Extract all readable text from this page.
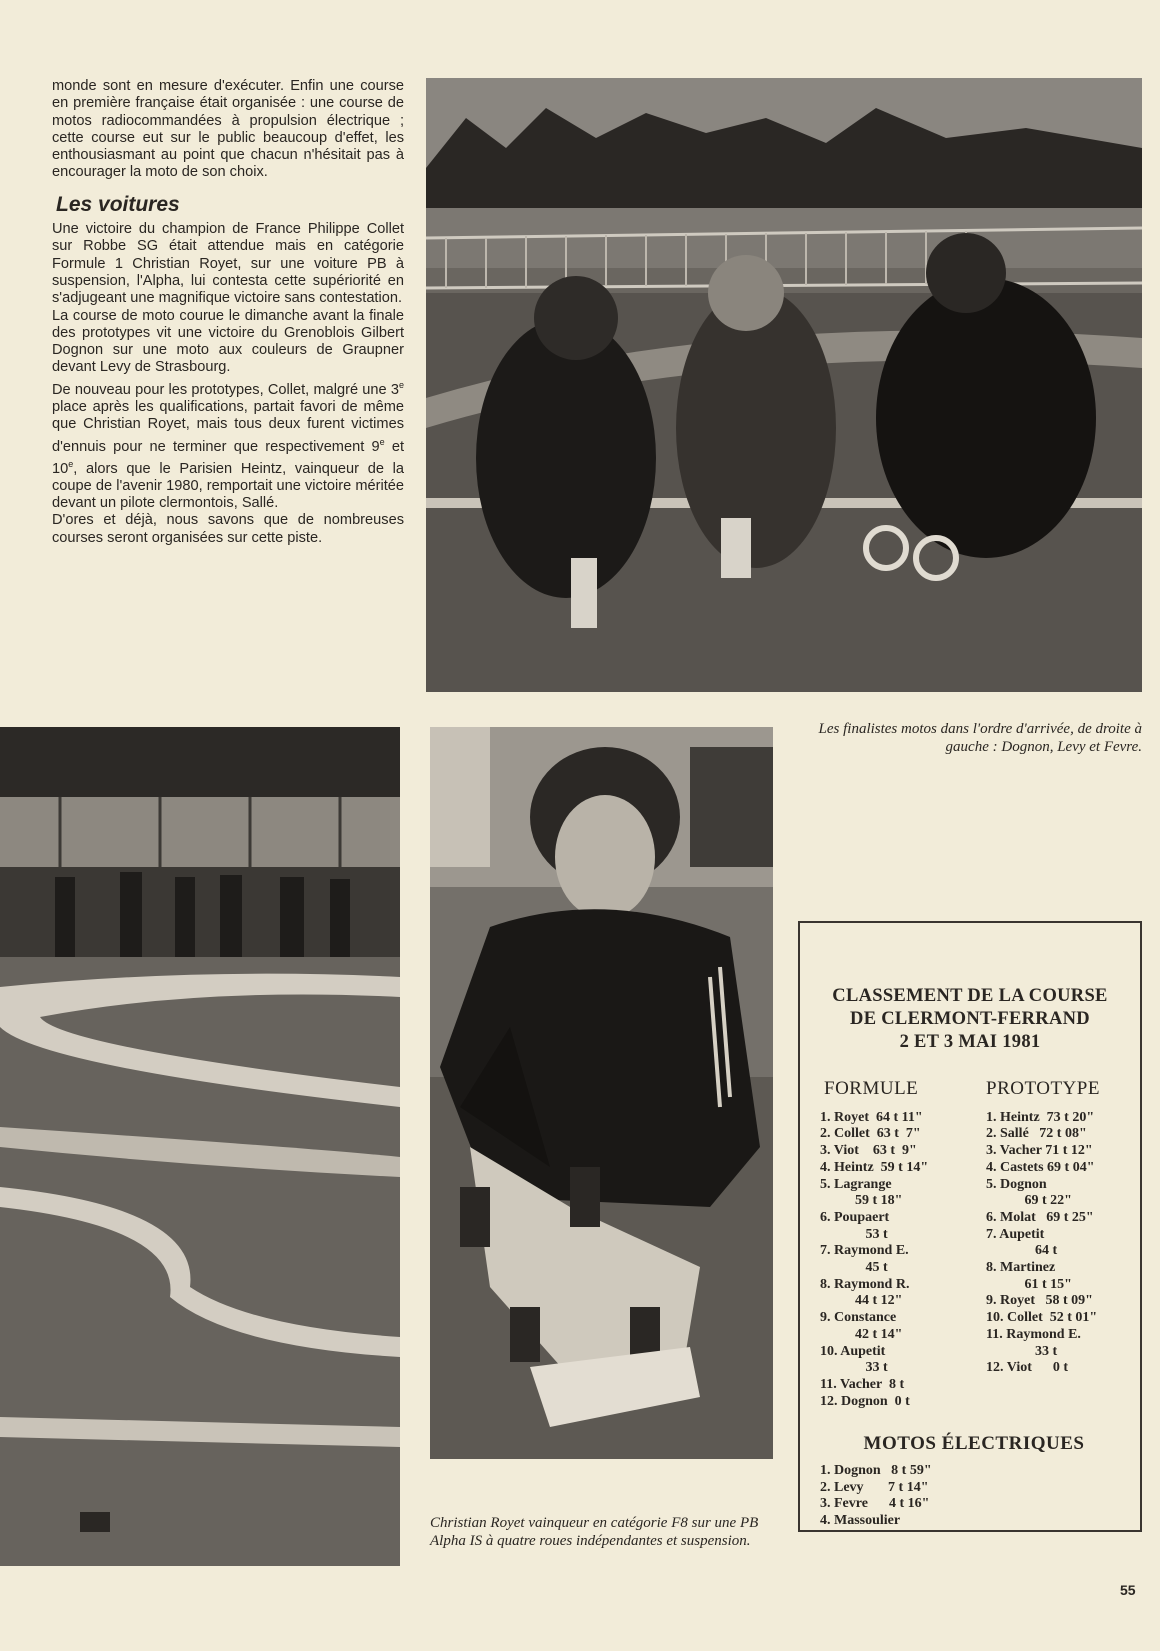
monde sont en mesure d'exécuter. Enfin une course en première française était organisée : une course de motos radiocommandées à propulsion électrique ; cette course eut sur le public beaucoup d'effet, les enthousiasmant au point que chacun n'hésitait pas à encourager la moto de son choix.

Les voitures

Une victoire du champion de France Philippe Collet sur Robbe SG était attendue mais en catégorie Formule 1 Christian Royet, sur une voiture PB à suspension, l'Alpha, lui contesta cette supériorité en s'adjugeant une magnifique victoire sans contestation.

La course de moto courue le dimanche avant la finale des prototypes vit une victoire du Grenoblois Gilbert Dognon sur une moto aux couleurs de Graupner devant Levy de Strasbourg.

De nouveau pour les prototypes, Collet, malgré une 3e place après les qualifications, partait favori de même que Christian Royet, mais tous deux furent victimes d'ennuis pour ne terminer que respectivement 9e et 10e, alors que le Parisien Heintz, vainqueur de la coupe de l'avenir 1980, remportait une victoire méritée devant un pilote clermontois, Sallé.

D'ores et déjà, nous savons que de nombreuses courses seront organisées sur cette piste.

Les finalistes motos dans l'ordre d'arrivée, de droite à gauche : Dognon, Levy et Fevre.
Christian Royet vainqueur en catégorie F8 sur une PB Alpha IS à quatre roues indépendantes et suspension.
CLASSEMENT DE LA COURSE
DE CLERMONT-FERRAND
2 ET 3 MAI 1981
FORMULE
1. Royet  64 t 11"
2. Collet  63 t  7"
3. Viot    63 t  9"
4. Heintz  59 t 14"
5. Lagrange
59 t 18"
6. Poupaert
53 t
7. Raymond E.
45 t
8. Raymond R.
44 t 12"
9. Constance
42 t 14"
10. Aupetit
33 t
11. Vacher  8 t
12. Dognon  0 t
PROTOTYPE
1. Heintz  73 t 20"
2. Sallé   72 t 08"
3. Vacher 71 t 12"
4. Castets 69 t 04"
5. Dognon
69 t 22"
6. Molat   69 t 25"
7. Aupetit
64 t
8. Martinez
61 t 15"
9. Royet   58 t 09"
10. Collet  52 t 01"
11. Raymond E.
33 t
12. Viot      0 t
MOTOS ÉLECTRIQUES
1. Dognon   8 t 59"
2. Levy       7 t 14"
3. Fevre      4 t 16"
4. Massoulier
55
